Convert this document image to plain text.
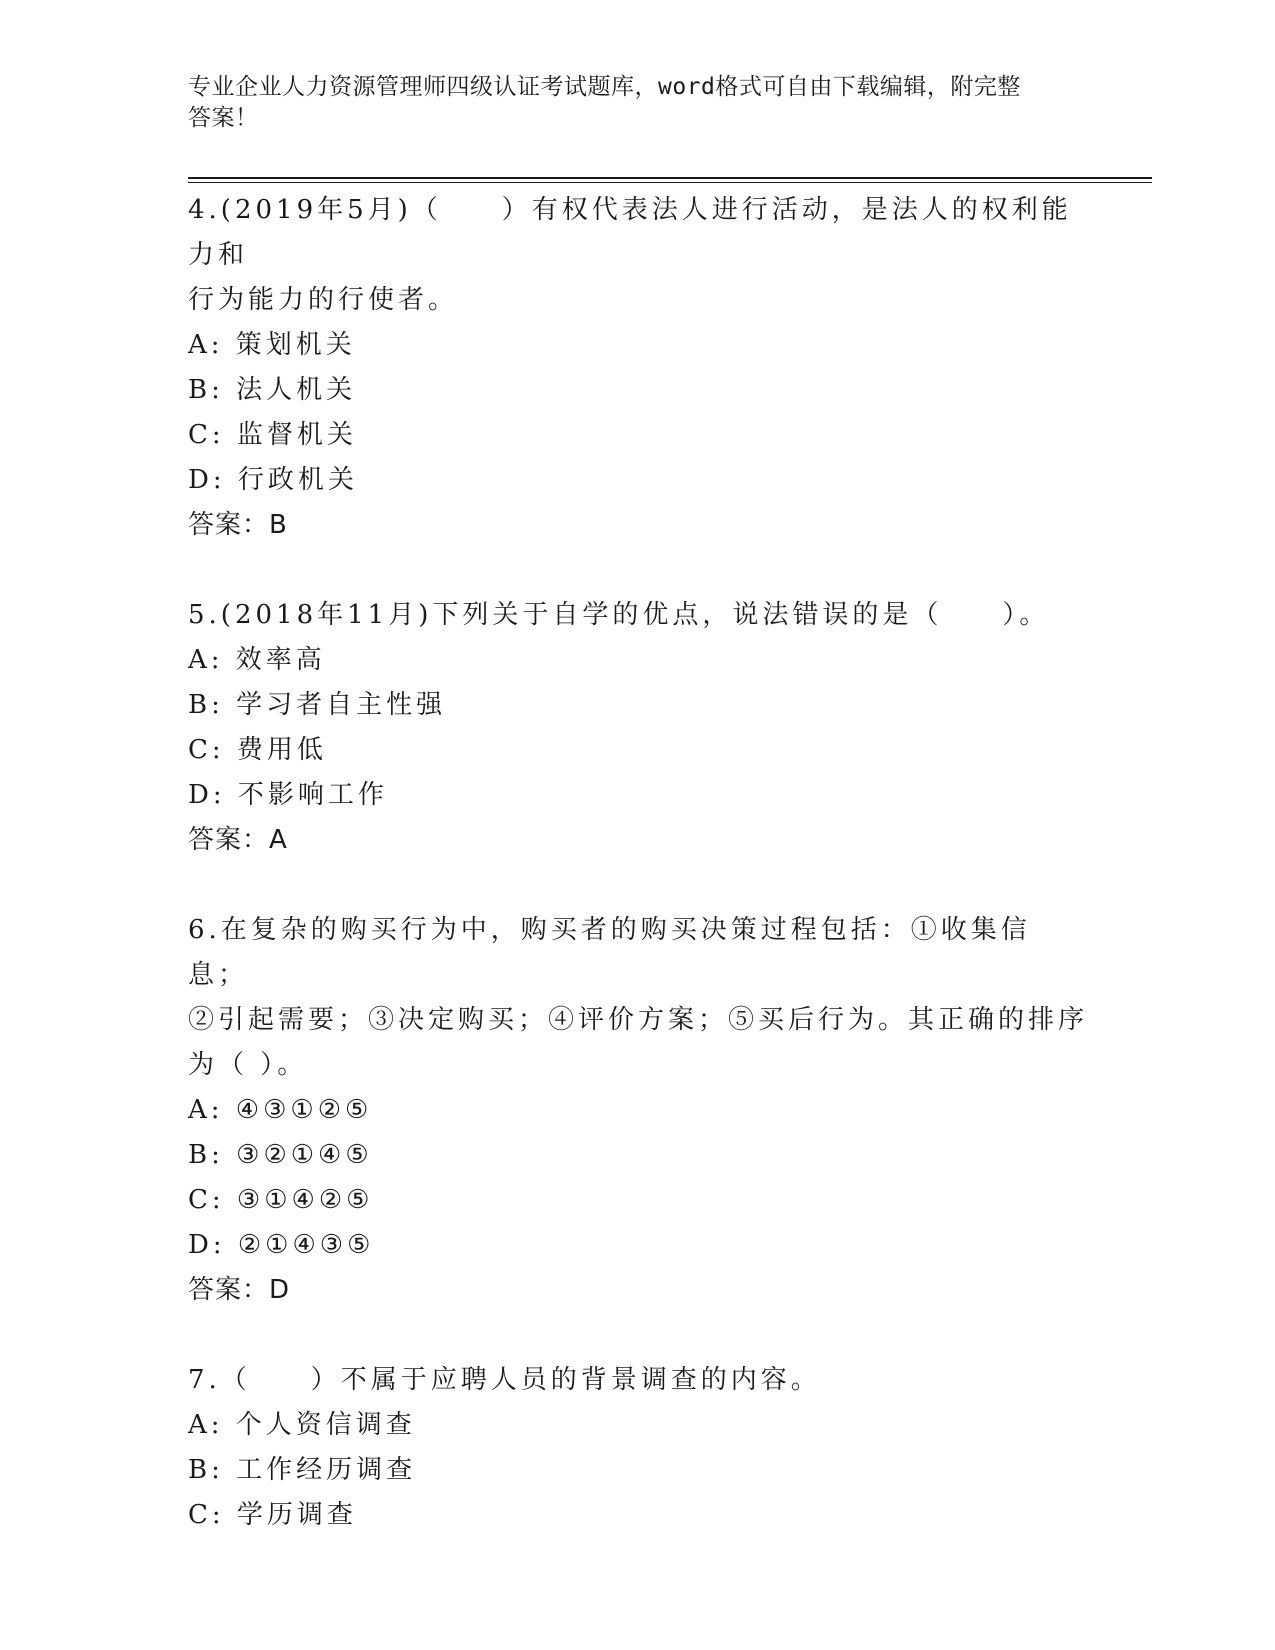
专业企业人力资源管理师四级认证考试题库，word格式可自由下载编辑，附完整
答案！
4.(2019年5月)（　　）有权代表法人进行活动，是法人的权利能力和
行为能力的行使者。
A: 策划机关
B: 法人机关
C: 监督机关
D: 行政机关
答案：B
5.(2018年11月)下列关于自学的优点，说法错误的是（　　）。
A: 效率高
B: 学习者自主性强
C: 费用低
D: 不影响工作
答案：A
6.在复杂的购买行为中，购买者的购买决策过程包括：①收集信息；
②引起需要；③决定购买；④评价方案；⑤买后行为。其正确的排序
为（ ）。
A: ④③①②⑤
B: ③②①④⑤
C: ③①④②⑤
D: ②①④③⑤
答案：D
7.（　　）不属于应聘人员的背景调查的内容。
A: 个人资信调查
B: 工作经历调查
C: 学历调查
